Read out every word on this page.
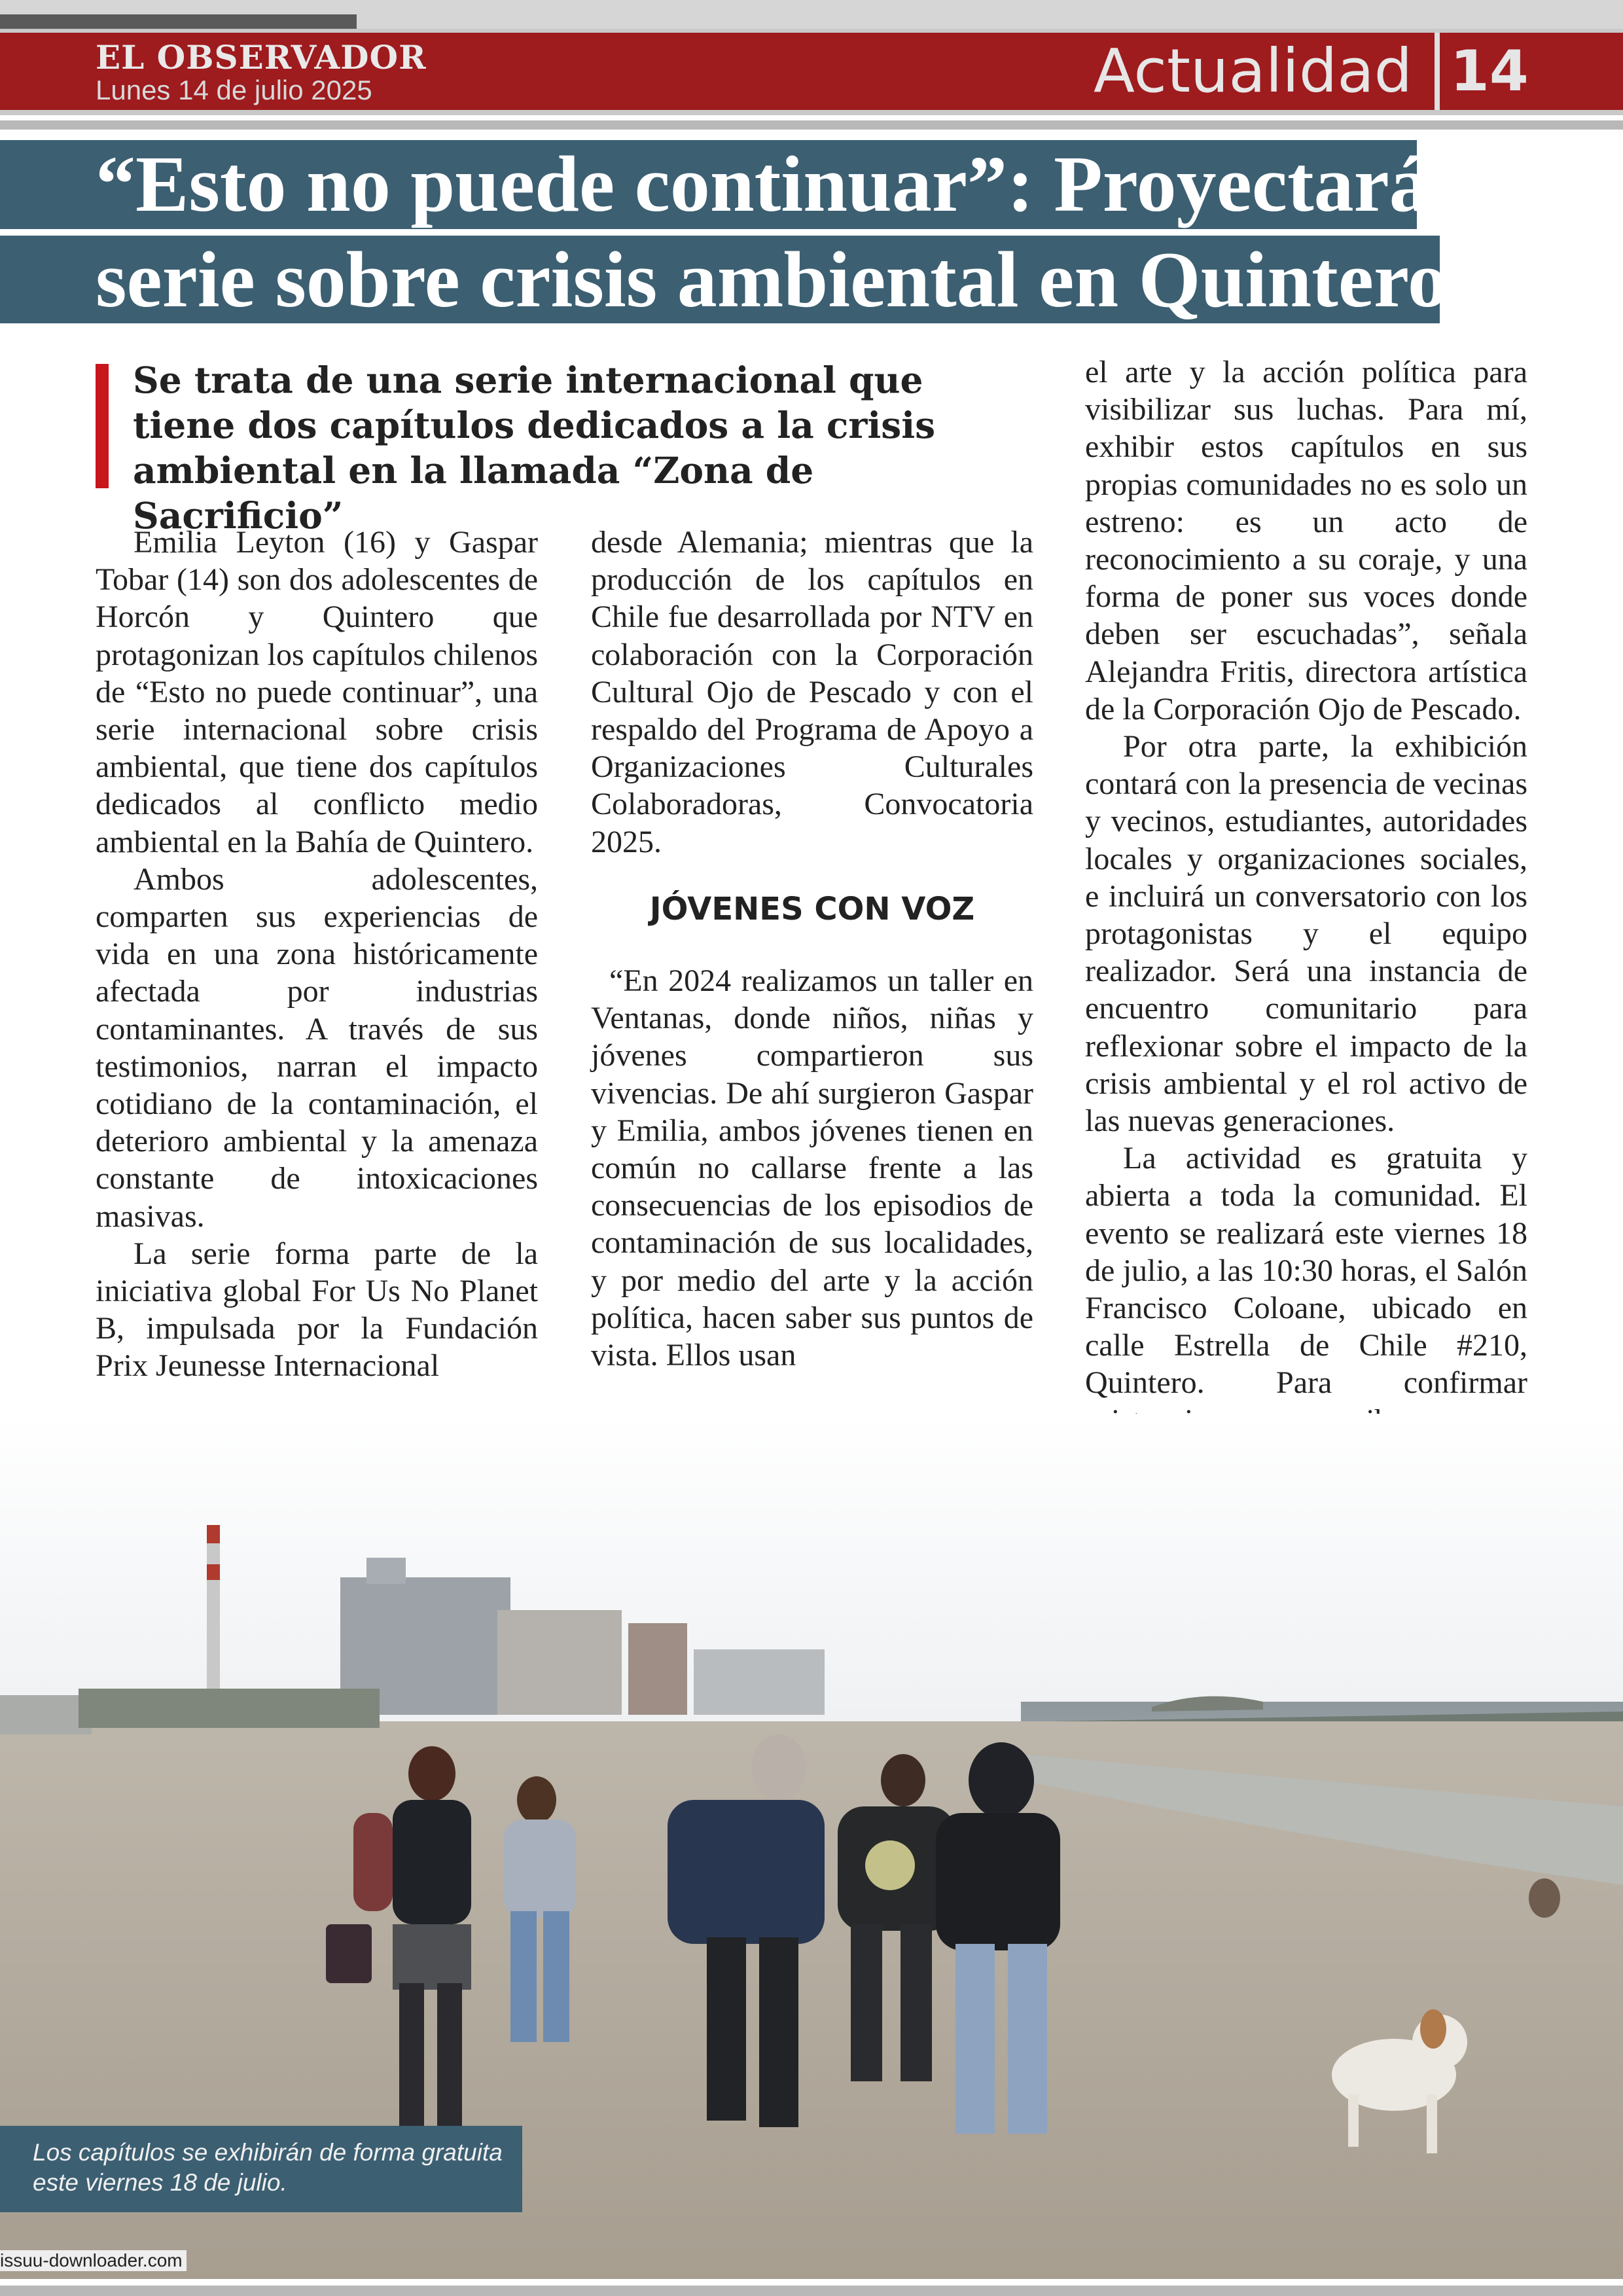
EL OBSERVADOR
Lunes 14 de julio 2025	Actualidad 14
“Esto no puede continuar”: Proyectarán
serie sobre crisis ambiental en Quintero
Se trata de una serie internacional que tiene dos capítulos dedicados a la crisis ambiental en la llamada “Zona de Sacrificio”

Emilia Leyton (16) y Gaspar Tobar (14) son dos adolescentes de Horcón y Quintero que protagonizan los capítulos chilenos de “Esto no puede continuar”, una serie internacional sobre crisis ambiental, que tiene dos capítulos dedicados al conflicto medio ambiental en la Bahía de Quintero.

Ambos adolescentes, comparten sus experiencias de vida en una zona históricamente afectada por industrias contaminantes. A través de sus testimonios, narran el impacto cotidiano de la contaminación, el deterioro ambiental y la amenaza constante de intoxicaciones masivas.

La serie forma parte de la iniciativa global For Us No Planet B, impulsada por la Fundación Prix Jeunesse Internacional

desde Alemania; mientras que la producción de los capítulos en Chile fue desarrollada por NTV en colaboración con la Corporación Cultural Ojo de Pescado y con el respaldo del Programa de Apoyo a Organizaciones Culturales Colaboradoras, Convocatoria 2025.

JÓVENES CON VOZ

“En 2024 realizamos un taller en Ventanas, donde niños, niñas y jóvenes compartieron sus vivencias. De ahí surgieron Gaspar y Emilia, ambos jóvenes tienen en común no callarse frente a las consecuencias de los episodios de contaminación de sus localidades, y por medio del arte y la acción política, hacen saber sus puntos de vista. Ellos usan

el arte y la acción política para visibilizar sus luchas. Para mí, exhibir estos capítulos en sus propias comunidades no es solo un estreno: es un acto de reconocimiento a su coraje, y una forma de poner sus voces donde deben ser escuchadas”, señala Alejandra Fritis, directora artística de la Corporación Ojo de Pescado.

Por otra parte, la exhibición contará con la presencia de vecinas y vecinos, estudiantes, autoridades locales y organizaciones sociales, e incluirá un conversatorio con los protagonistas y el equipo realizador. Será una instancia de encuentro comunitario para reflexionar sobre el impacto de la crisis ambiental y el rol activo de las nuevas generaciones.

La actividad es gratuita y abierta a toda la comunidad. El evento se realizará este viernes 18 de julio, a las 10:30 horas, el Salón Francisco Coloane, ubicado en calle Estrella de Chile #210, Quintero. Para confirmar

Los capítulos se exhibirán de forma gratuita este viernes 18 de julio.
issuu-downloader.com
